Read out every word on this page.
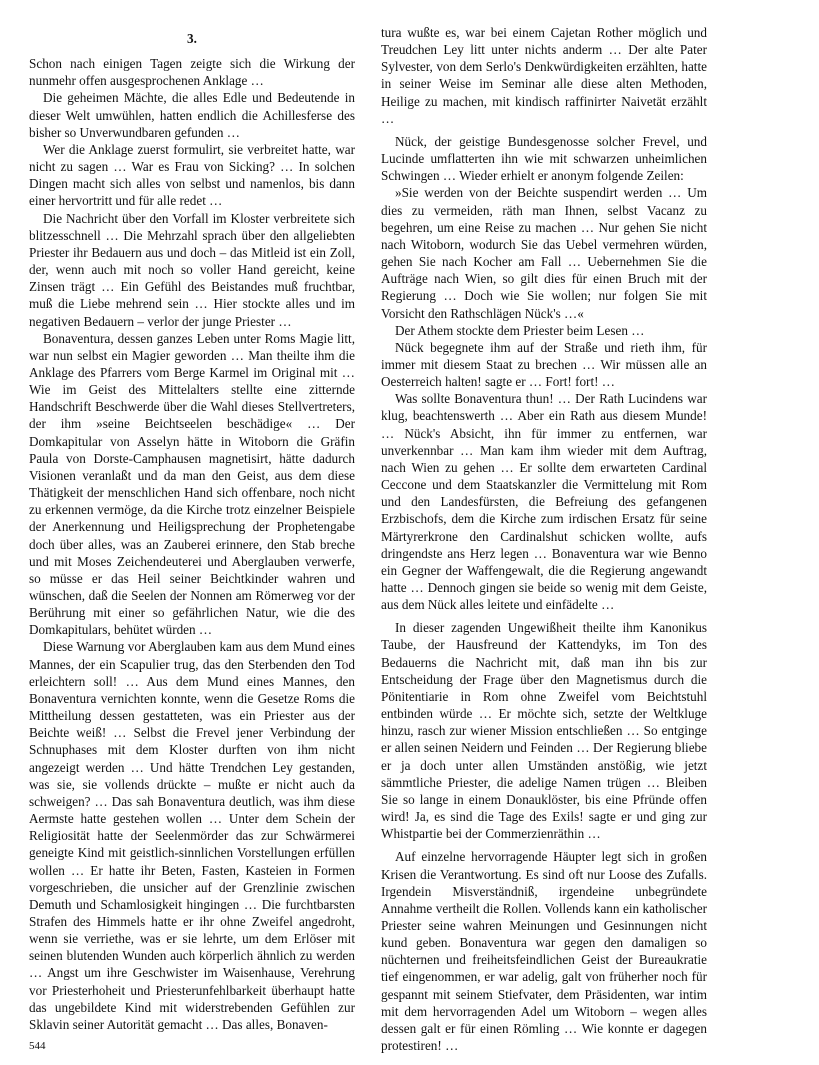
3.

Schon nach einigen Tagen zeigte sich die Wirkung der nunmehr offen ausgesprochenen Anklage …

Die geheimen Mächte, die alles Edle und Bedeutende in dieser Welt umwühlen, hatten endlich die Achillesferse des bisher so Unverwundbaren gefunden …

Wer die Anklage zuerst formulirt, sie verbreitet hatte, war nicht zu sagen … War es Frau von Sicking? … In solchen Dingen macht sich alles von selbst und namenlos, bis dann einer hervortritt und für alle redet …

Die Nachricht über den Vorfall im Kloster verbreitete sich blitzesschnell … Die Mehrzahl sprach über den allgeliebten Priester ihr Bedauern aus und doch – das Mitleid ist ein Zoll, der, wenn auch mit noch so voller Hand gereicht, keine Zinsen trägt … Ein Gefühl des Beistandes muß fruchtbar, muß die Liebe mehrend sein … Hier stockte alles und im negativen Bedauern – verlor der junge Priester …

Bonaventura, dessen ganzes Leben unter Roms Magie litt, war nun selbst ein Magier geworden … Man theilte ihm die Anklage des Pfarrers vom Berge Karmel im Original mit … Wie im Geist des Mittelalters stellte eine zitternde Handschrift Beschwerde über die Wahl dieses Stellvertreters, der ihm »seine Beichtseelen beschädige« … Der Domkapitular von Asselyn hätte in Witoborn die Gräfin Paula von Dorste-Camphausen magnetisirt, hätte dadurch Visionen veranlaßt und da man den Geist, aus dem diese Thätigkeit der menschlichen Hand sich offenbare, noch nicht zu erkennen vermöge, da die Kirche trotz einzelner Beispiele der Anerkennung und Heiligsprechung der Prophetengabe doch über alles, was an Zauberei erinnere, den Stab breche und mit Moses Zeichendeuterei und Aberglauben verwerfe, so müsse er das Heil seiner Beichtkinder wahren und wünschen, daß die Seelen der Nonnen am Römerweg vor der Berührung mit einer so gefährlichen Natur, wie die des Domkapitulars, behütet würden …

Diese Warnung vor Aberglauben kam aus dem Mund eines Mannes, der ein Scapulier trug, das den Sterbenden den Tod erleichtern soll! … Aus dem Mund eines Mannes, den Bonaventura vernichten konnte, wenn die Gesetze Roms die Mittheilung dessen gestatteten, was ein Priester aus der Beichte weiß! … Selbst die Frevel jener Verbindung der Schnuphases mit dem Kloster durften von ihm nicht angezeigt werden … Und hätte Trendchen Ley gestanden, was sie, sie vollends drückte – mußte er nicht auch da schweigen? … Das sah Bonaventura deutlich, was ihm diese Aermste hatte gestehen wollen … Unter dem Schein der Religiosität hatte der Seelenmörder das zur Schwärmerei geneigte Kind mit geistlich-sinnlichen Vorstellungen erfüllen wollen … Er hatte ihr Beten, Fasten, Kasteien in Formen vorgeschrieben, die unsicher auf der Grenzlinie zwischen Demuth und Schamlosigkeit hingingen … Die furchtbarsten Strafen des Himmels hatte er ihr ohne Zweifel angedroht, wenn sie verriethe, was er sie lehrte, um dem Erlöser mit seinen blutenden Wunden auch körperlich ähnlich zu werden … Angst um ihre Geschwister im Waisenhause, Verehrung vor Priesterhoheit und Priesterunfehlbarkeit überhaupt hatte das ungebildete Kind mit widerstrebenden Gefühlen zur Sklavin seiner Autorität gemacht … Das alles, Bonaven-

tura wußte es, war bei einem Cajetan Rother möglich und Treudchen Ley litt unter nichts anderm … Der alte Pater Sylvester, von dem Serlo's Denkwürdigkeiten erzählten, hatte in seiner Weise im Seminar alle diese alten Methoden, Heilige zu machen, mit kindisch raffinirter Naivetät erzählt …

Nück, der geistige Bundesgenosse solcher Frevel, und Lucinde umflatterten ihn wie mit schwarzen unheimlichen Schwingen … Wieder erhielt er anonym folgende Zeilen:

»Sie werden von der Beichte suspendirt werden … Um dies zu vermeiden, räth man Ihnen, selbst Vacanz zu begehren, um eine Reise zu machen … Nur gehen Sie nicht nach Witoborn, wodurch Sie das Uebel vermehren würden, gehen Sie nach Kocher am Fall … Uebernehmen Sie die Aufträge nach Wien, so gilt dies für einen Bruch mit der Regierung … Doch wie Sie wollen; nur folgen Sie mit Vorsicht den Rathschlägen Nück's …«

Der Athem stockte dem Priester beim Lesen …

Nück begegnete ihm auf der Straße und rieth ihm, für immer mit diesem Staat zu brechen … Wir müssen alle an Oesterreich halten! sagte er … Fort! fort! …

Was sollte Bonaventura thun! … Der Rath Lucindens war klug, beachtenswerth … Aber ein Rath aus diesem Munde! … Nück's Absicht, ihn für immer zu entfernen, war unverkennbar … Man kam ihm wieder mit dem Auftrag, nach Wien zu gehen … Er sollte dem erwarteten Cardinal Ceccone und dem Staatskanzler die Vermittelung mit Rom und den Landesfürsten, die Befreiung des gefangenen Erzbischofs, dem die Kirche zum irdischen Ersatz für seine Märtyrerkrone den Cardinalshut schicken wollte, aufs dringendste ans Herz legen … Bonaventura war wie Benno ein Gegner der Waffengewalt, die die Regierung angewandt hatte … Dennoch gingen sie beide so wenig mit dem Geiste, aus dem Nück alles leitete und einfädelte …

In dieser zagenden Ungewißheit theilte ihm Kanonikus Taube, der Hausfreund der Kattendyks, im Ton des Bedauerns die Nachricht mit, daß man ihn bis zur Entscheidung der Frage über den Magnetismus durch die Pönitentiarie in Rom ohne Zweifel vom Beichtstuhl entbinden würde … Er möchte sich, setzte der Weltkluge hinzu, rasch zur wiener Mission entschließen … So entginge er allen seinen Neidern und Feinden … Der Regierung bliebe er ja doch unter allen Umständen anstößig, wie jetzt sämmtliche Priester, die adelige Namen trügen … Bleiben Sie so lange in einem Donauklöster, bis eine Pfründe offen wird! Ja, es sind die Tage des Exils! sagte er und ging zur Whistpartie bei der Commerzienräthin …

Auf einzelne hervorragende Häupter legt sich in großen Krisen die Verantwortung. Es sind oft nur Loose des Zufalls. Irgendein Misverständniß, irgendeine unbegründete Annahme vertheilt die Rollen. Vollends kann ein katholischer Priester seine wahren Meinungen und Gesinnungen nicht kund geben. Bonaventura war gegen den damaligen so nüchternen und freiheitsfeindlichen Geist der Bureaukratie tief eingenommen, er war adelig, galt von früherher noch für gespannt mit seinem Stiefvater, dem Präsidenten, war intim mit dem hervorragenden Adel um Witoborn – wegen alles dessen galt er für einen Römling … Wie konnte er dagegen protestiren! …

544
